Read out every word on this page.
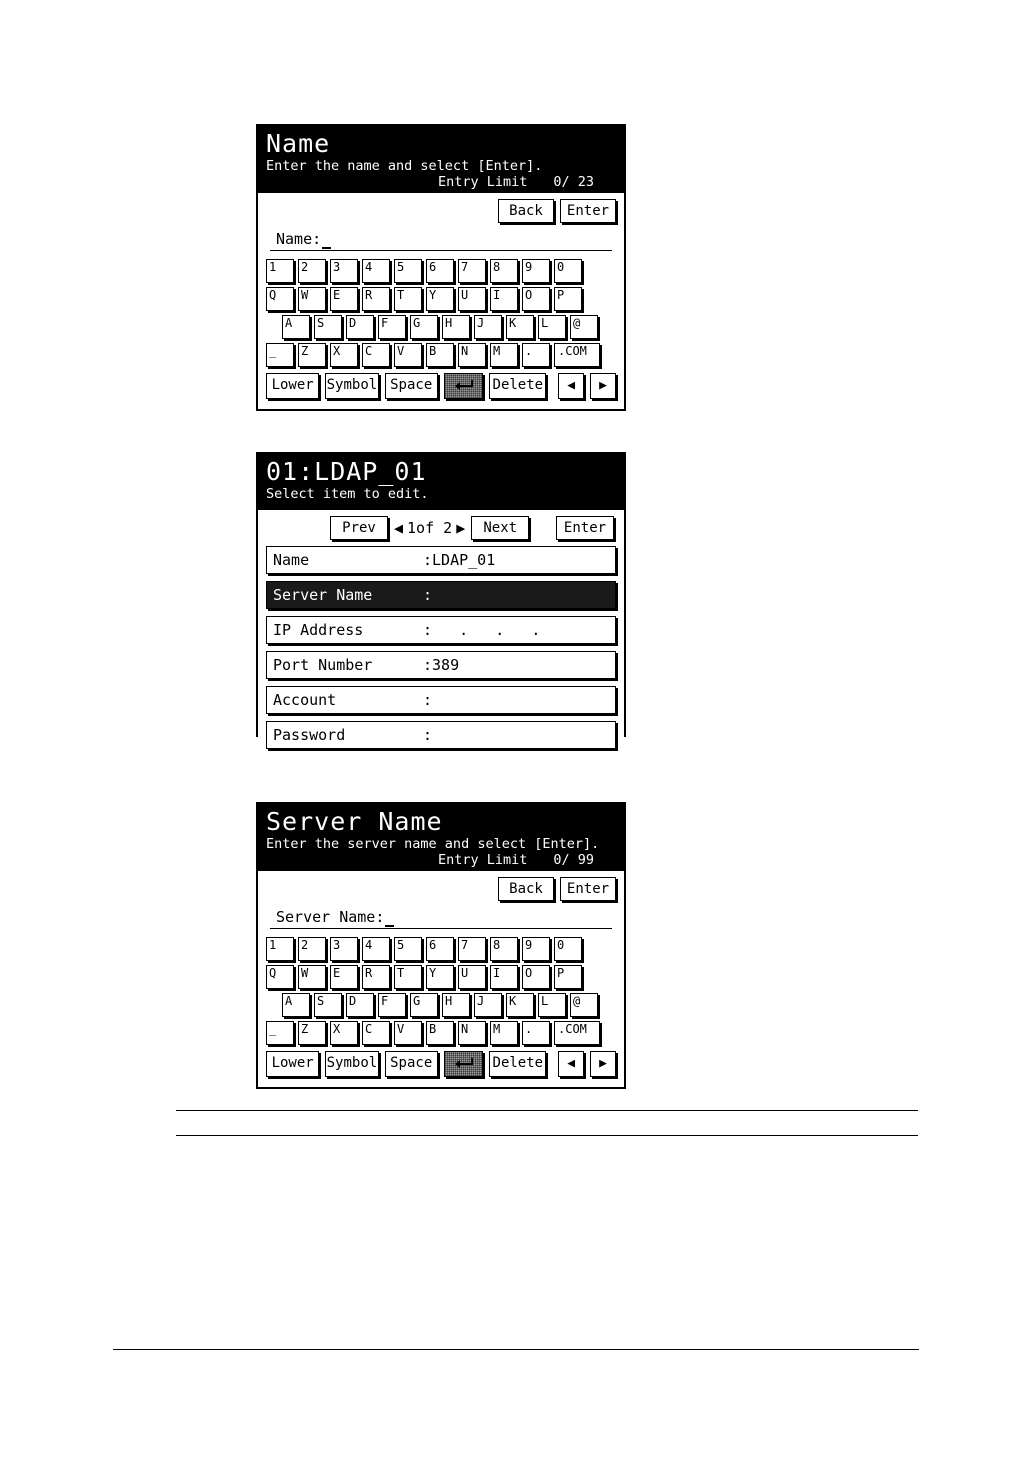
Name
Enter the name and select [Enter].
Entry Limit 0/ 23
Back	Enter
Name:
1 2 3 4 5 6 7 8 9 0
Q W E R T Y U I O P
A S D F G H J K L @
_ Z X C V B N M . .COM
Lower Symbol Space	Delete	◀	▶
01:LDAP_01
Select item to edit.
Prev	◀ 1of 2 ▶	Next	Enter
Name	:LDAP_01
Server Name	:
IP Address	:   .   .   .
Port Number	:389
Account	:
Password	:
Server Name
Enter the server name and select [Enter].
Entry Limit 0/ 99
Back	Enter
Server Name:
1 2 3 4 5 6 7 8 9 0
Q W E R T Y U I O P
A S D F G H J K L @
_ Z X C V B N M . .COM
Lower Symbol Space	Delete	◀	▶
